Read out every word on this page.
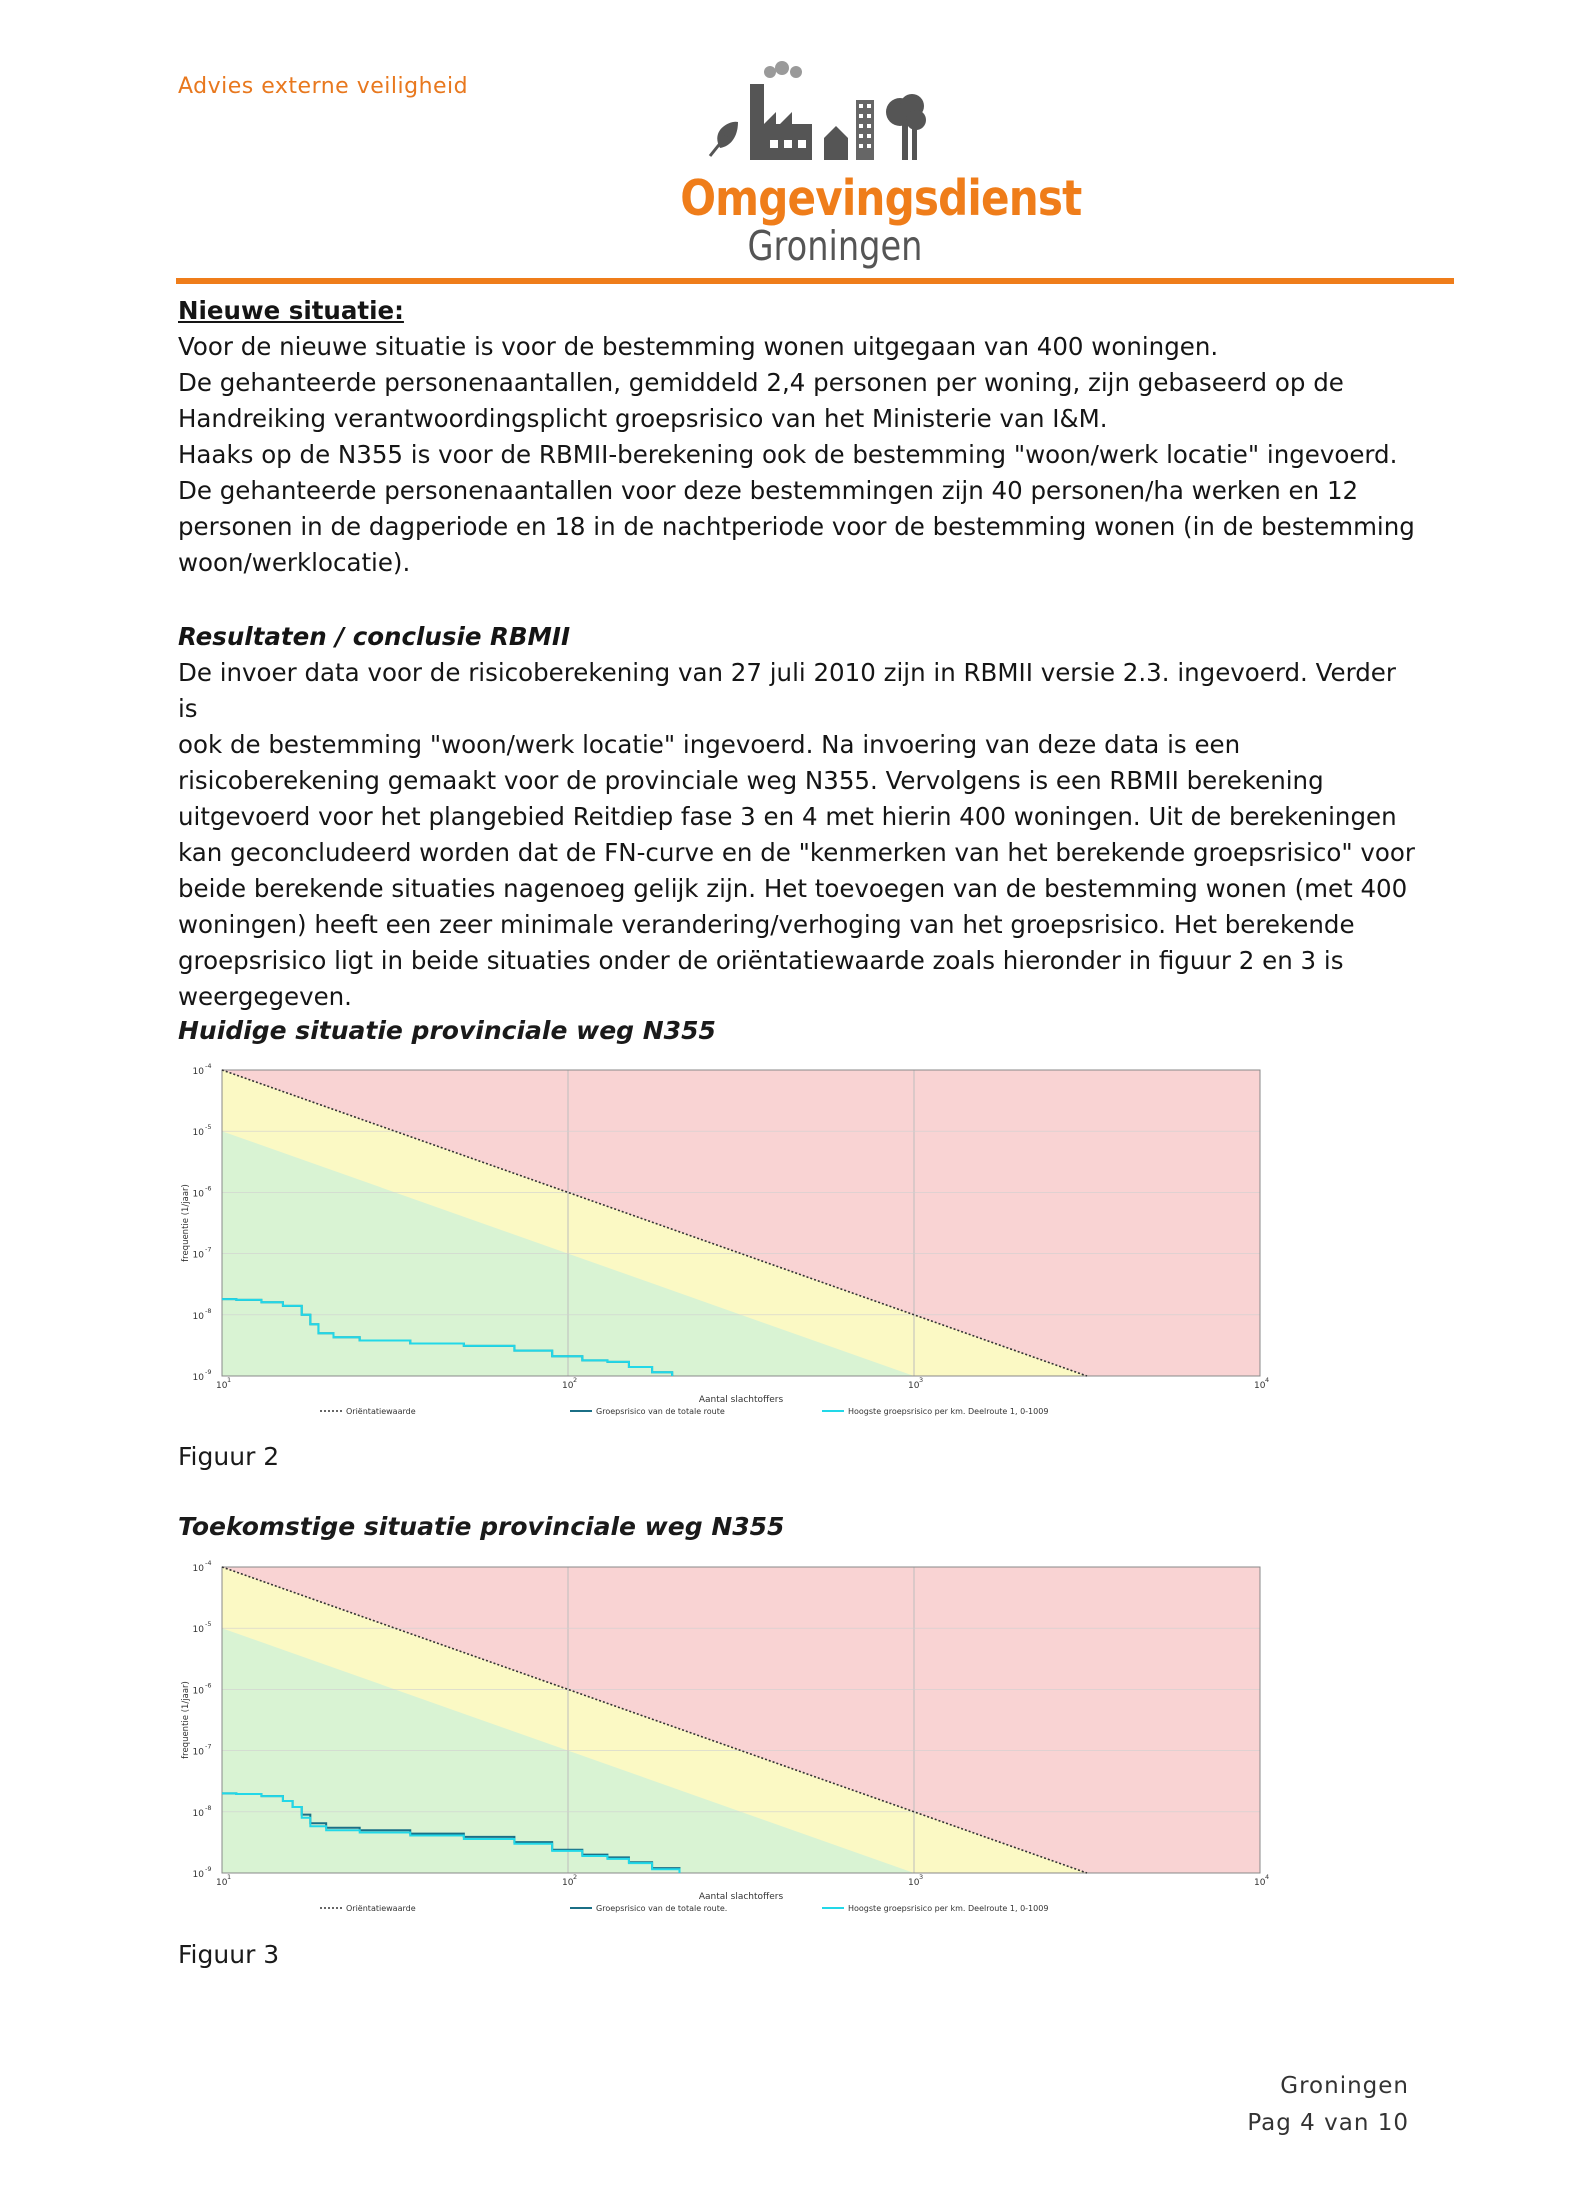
Advies externe veiligheid
Omgevingsdienst
Groningen

Nieuwe situatie:

Voor de nieuwe situatie is voor de bestemming wonen uitgegaan van 400 woningen.

De gehanteerde personenaantallen, gemiddeld 2,4 personen per woning, zijn gebaseerd op de

Handreiking verantwoordingsplicht groepsrisico van het Ministerie van I&M.

Haaks op de N355 is voor de RBMII-berekening ook de bestemming "woon/werk locatie" ingevoerd.

De gehanteerde personenaantallen voor deze bestemmingen zijn 40 personen/ha werken en 12

personen in de dagperiode en 18 in de nachtperiode voor de bestemming wonen (in de bestemming

woon/werklocatie).

Resultaten / conclusie RBMII

De invoer data voor de risicoberekening van 27 juli 2010 zijn in RBMII versie 2.3. ingevoerd. Verder is

ook de bestemming "woon/werk locatie" ingevoerd. Na invoering van deze data is een

risicoberekening gemaakt voor de provinciale weg N355. Vervolgens is een RBMII berekening

uitgevoerd voor het plangebied Reitdiep fase 3 en 4 met hierin 400 woningen. Uit de berekeningen

kan geconcludeerd worden dat de FN-curve en de "kenmerken van het berekende groepsrisico" voor

beide berekende situaties nagenoeg gelijk zijn. Het toevoegen van de bestemming wonen (met 400

woningen) heeft een zeer minimale verandering/verhoging van het groepsrisico. Het berekende

groepsrisico ligt in beide situaties onder de oriëntatiewaarde zoals hieronder in figuur 2 en 3 is

weergegeven.

Huidige situatie provinciale weg N355
10
-4
10
-5
10
-6
10
-7
10
-8
10
-9
10
1
10
2
10
3
10
4
Aantal slachtoffers
frequentie (1/jaar)
Oriëntatiewaarde	Groepsrisico van de totale route	Hoogste groepsrisico per km. Deelroute 1, 0-1009
Figuur 2
Toekomstige situatie provinciale weg N355
10
-4
10
-5
10
-6
10
-7
10
-8
10
-9
10
1
10
2
10
3
10
4
Aantal slachtoffers
frequentie (1/jaar)
Oriëntatiewaarde	Groepsrisico van de totale route.	Hoogste groepsrisico per km. Deelroute 1, 0-1009
Figuur 3
Groningen
Pag 4 van 10
